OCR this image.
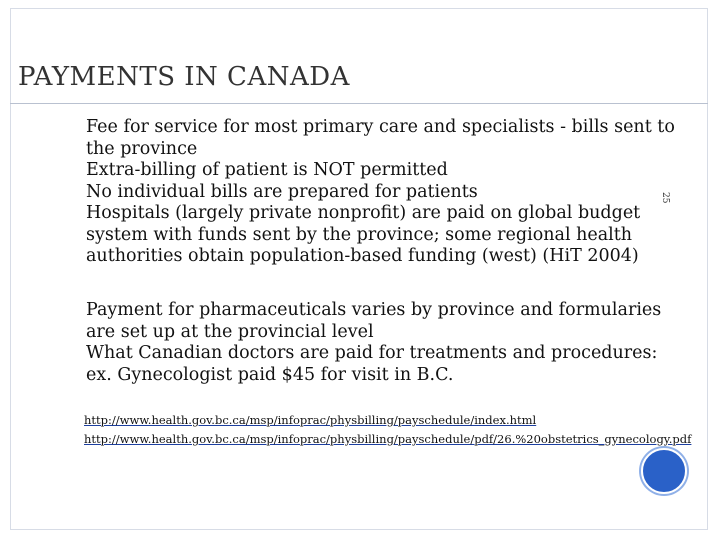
PAYMENTS IN CANADA
25
Fee for service for most primary care and specialists - bills sent to the province
Extra-billing of patient is NOT permitted
No individual bills are prepared for patients
Hospitals (largely private nonprofit) are paid on global budget system with funds sent by the province; some regional health authorities obtain population-based funding (west) (HiT 2004)
Payment for pharmaceuticals varies by province and formularies are set up at the provincial level
What Canadian doctors are paid for treatments and procedures: ex. Gynecologist paid $45 for visit in B.C.
http://www.health.gov.bc.ca/msp/infoprac/physbilling/payschedule/index.html
http://www.health.gov.bc.ca/msp/infoprac/physbilling/payschedule/pdf/26.%20obstetrics_gynecology.pdf
